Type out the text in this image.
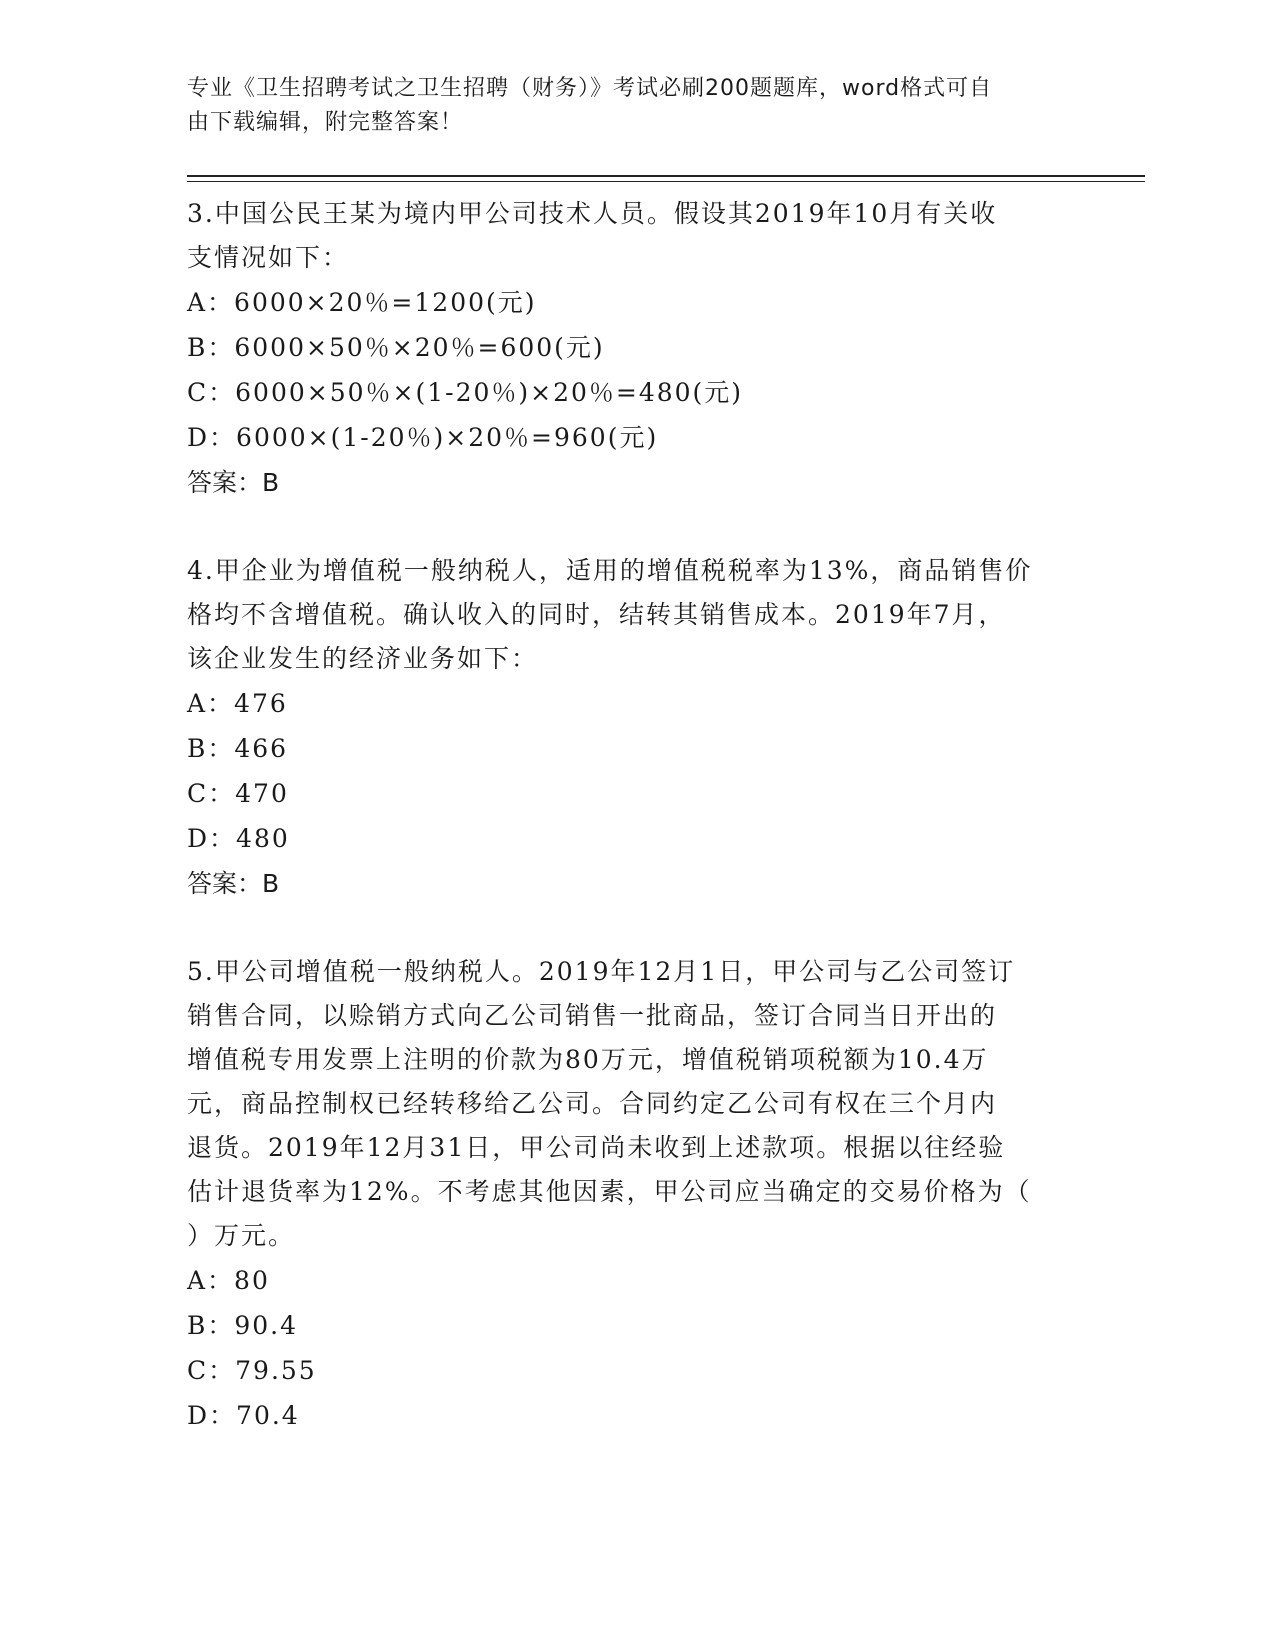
专业《卫生招聘考试之卫生招聘（财务）》考试必刷200题题库，word格式可自
由下载编辑，附完整答案！

3.中国公民王某为境内甲公司技术人员。假设其2019年10月有关收

支情况如下：

A：6000×20％=1200(元)

B：6000×50％×20％=600(元)

C：6000×50％×(1-20％)×20％=480(元)

D：6000×(1-20％)×20％=960(元)

答案：B

4.甲企业为增值税一般纳税人，适用的增值税税率为13%，商品销售价

格均不含增值税。确认收入的同时，结转其销售成本。2019年7月，

该企业发生的经济业务如下：

A：476

B：466

C：470

D：480

答案：B

5.甲公司增值税一般纳税人。2019年12月1日，甲公司与乙公司签订

销售合同，以赊销方式向乙公司销售一批商品，签订合同当日开出的

增值税专用发票上注明的价款为80万元，增值税销项税额为10.4万

元，商品控制权已经转移给乙公司。合同约定乙公司有权在三个月内

退货。2019年12月31日，甲公司尚未收到上述款项。根据以往经验

估计退货率为12%。不考虑其他因素，甲公司应当确定的交易价格为（

）万元。

A：80

B：90.4

C：79.55

D：70.4
